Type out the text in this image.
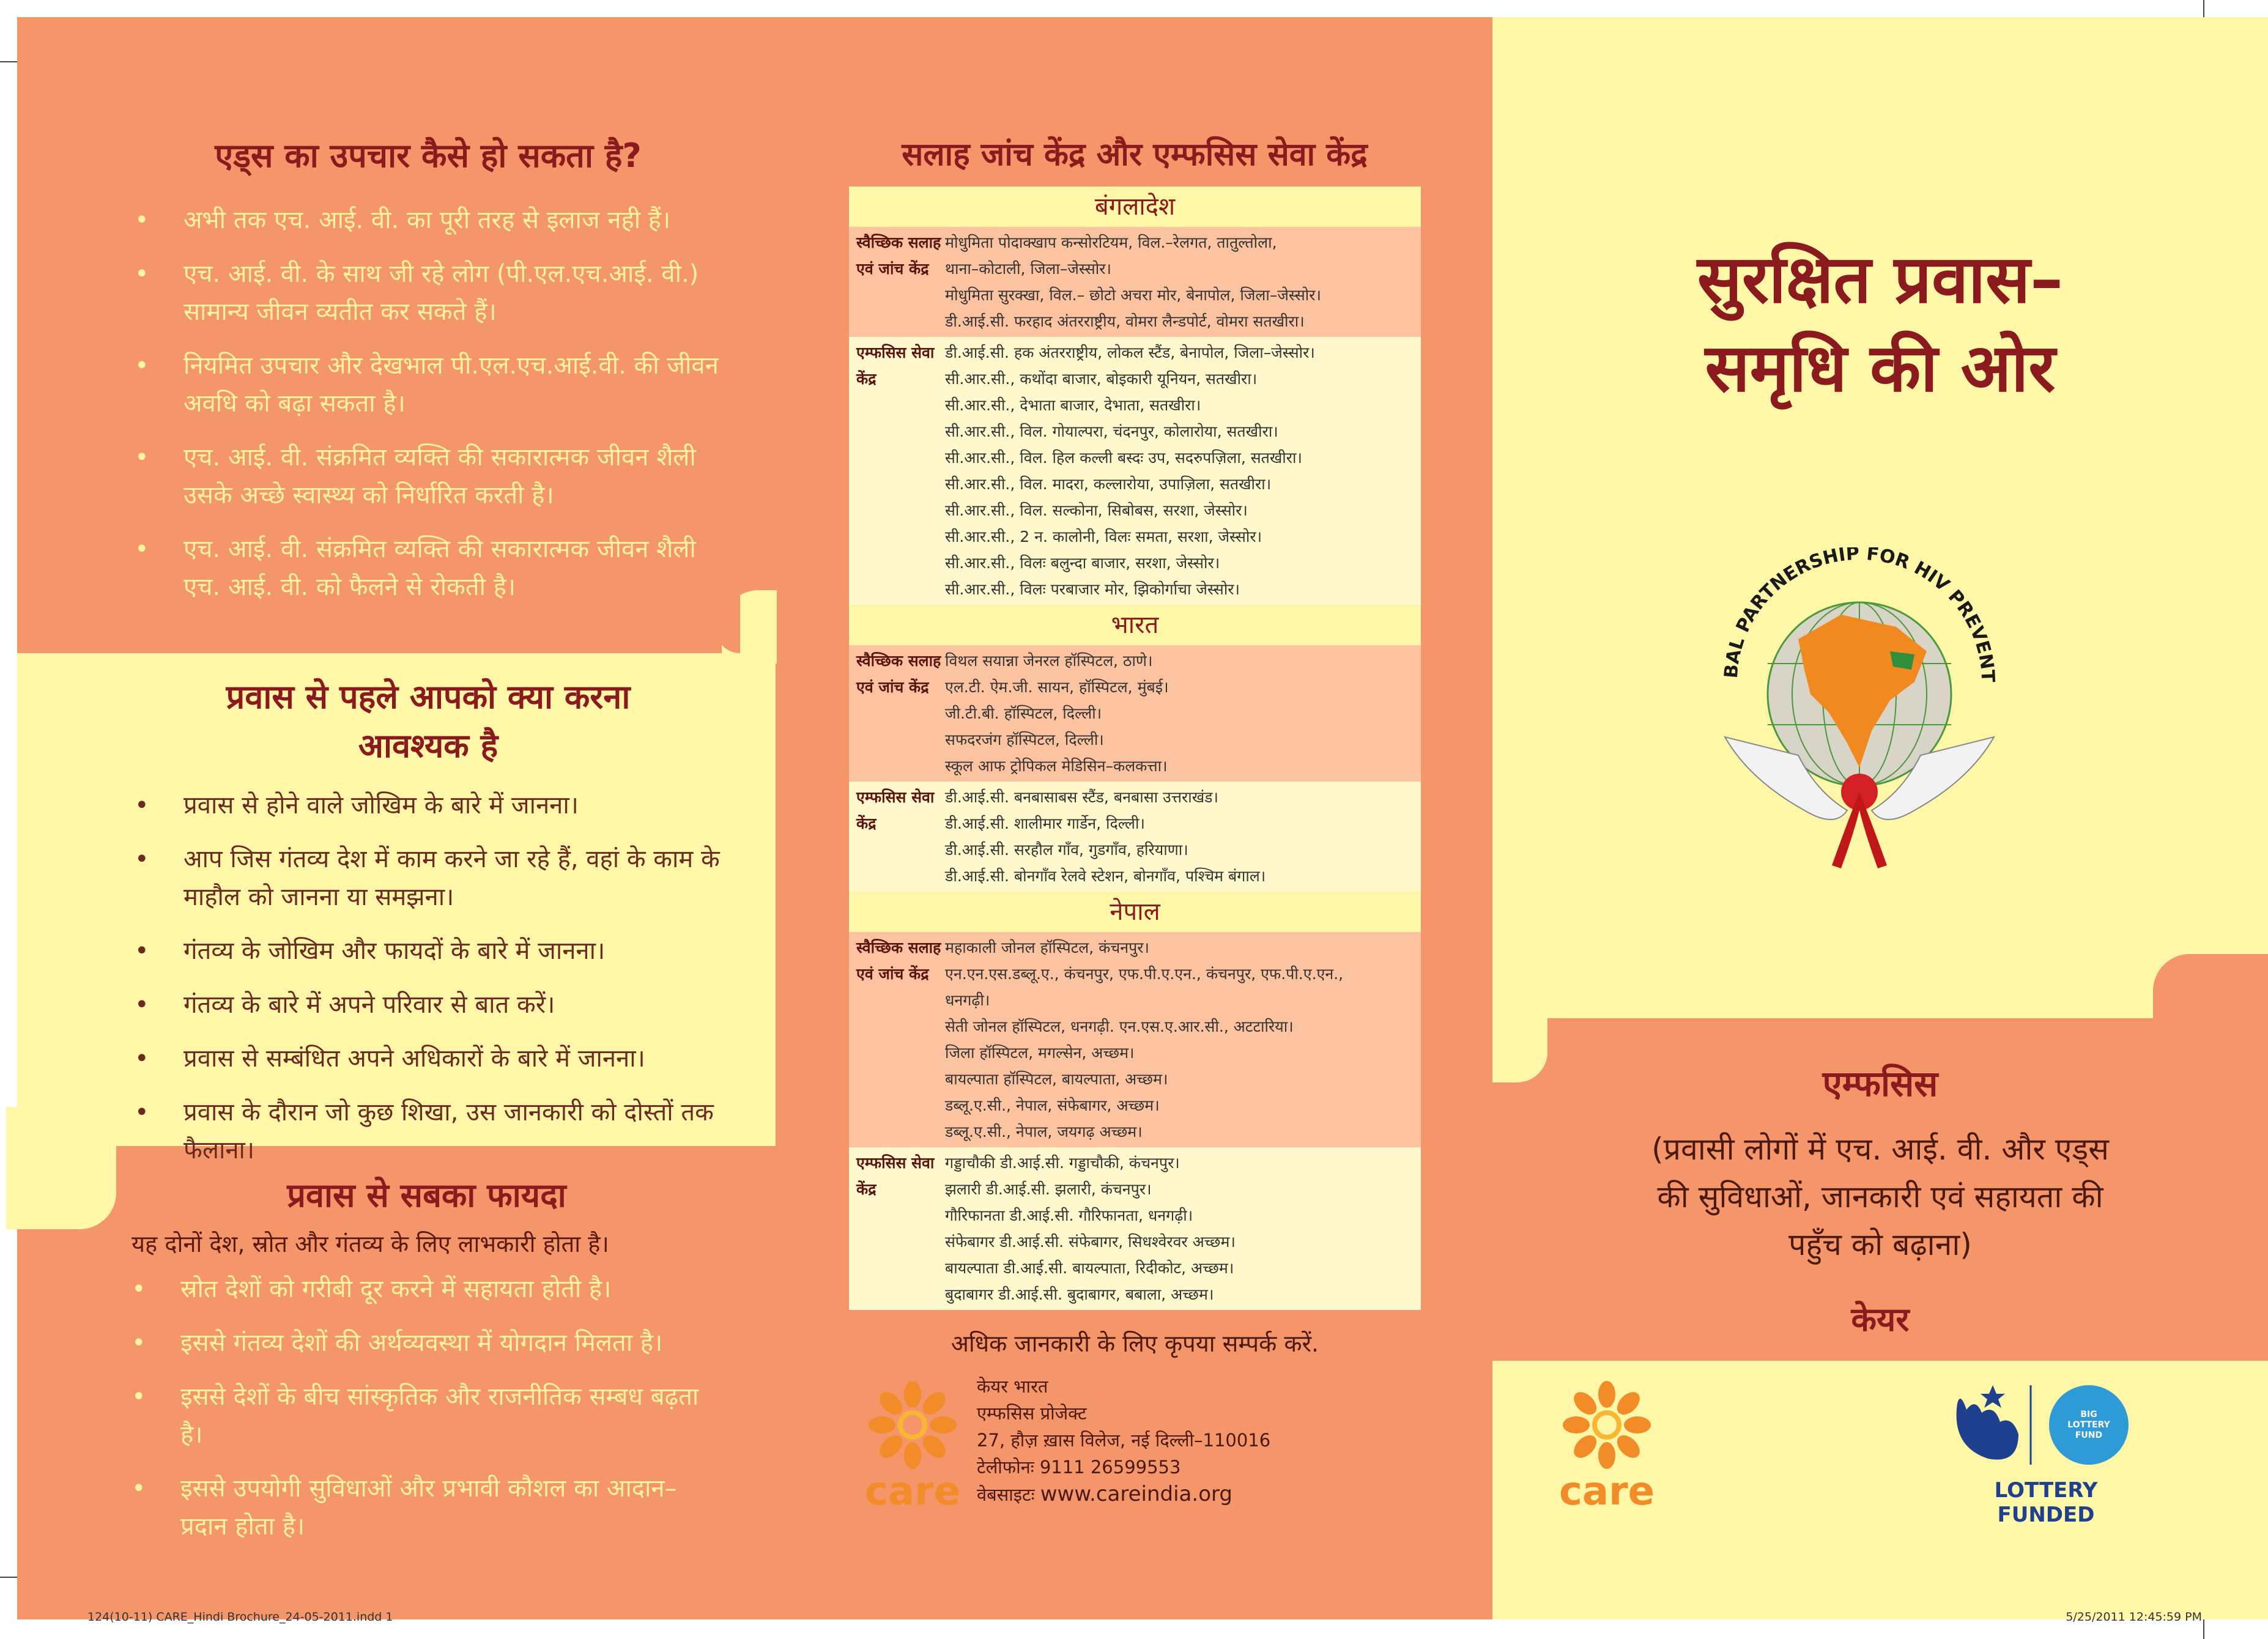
एड्स का उपचार कैसे हो सकता है?
• अभी तक एच. आई. वी. का पूरी तरह से इलाज नही हैं।
• एच. आई. वी. के साथ जी रहे लोग (पी.एल.एच.आई. वी.) सामान्य जीवन व्यतीत कर सकते हैं।
• नियमित उपचार और देखभाल पी.एल.एच.आई.वी. की जीवन अवधि को बढ़ा सकता है।
• एच. आई. वी. संक्रमित व्यक्ति की सकारात्मक जीवन शैली उसके अच्छे स्वास्थ्य को निर्धारित करती है।
• एच. आई. वी. संक्रमित व्यक्ति की सकारात्मक जीवन शैली एच. आई. वी. को फैलने से रोकती है।
प्रवास से पहले आपको क्या करना
आवश्यक है
• प्रवास से होने वाले जोखिम के बारे में जानना।
• आप जिस गंतव्य देश में काम करने जा रहे हैं, वहां के काम के माहौल को जानना या समझना।
• गंतव्य के जोखिम और फायदों के बारे में जानना।
• गंतव्य के बारे में अपने परिवार से बात करें।
• प्रवास से सम्बंधित अपने अधिकारों के बारे में जानना।
• प्रवास के दौरान जो कुछ शिखा, उस जानकारी को दोस्तों तक फैलाना।
प्रवास से सबका फायदा
यह दोनों देश, स्रोत और गंतव्य के लिए लाभकारी होता है।
• स्रोत देशों को गरीबी दूर करने में सहायता होती है।
• इससे गंतव्य देशों की अर्थव्यवस्था में योगदान मिलता है।
• इससे देशों के बीच सांस्कृतिक और राजनीतिक सम्बध बढ़ता है।
• इससे उपयोगी सुविधाओं और प्रभावी कौशल का आदान–प्रदान होता है।
सलाह जांच केंद्र और एम्फसिस सेवा केंद्र
बंगलादेश
स्वैच्छिक सलाह एवं जांच केंद्र
मोधुमिता पोदाक्खाप कन्सोरटियम, विल.–रेलगत, तातुल्तोला,
थाना–कोटाली, जिला–जेस्सोर।
मोधुमिता सुरक्खा, विल.– छोटो अचरा मोर, बेनापोल, जिला–जेस्सोर।
डी.आई.सी. फरहाद अंतरराष्ट्रीय, वोमरा लैन्डपोर्ट, वोमरा सतखीरा।
एम्फसिस सेवा केंद्र
डी.आई.सी. हक अंतरराष्ट्रीय, लोकल स्टैंड, बेनापोल, जिला–जेस्सोर।
सी.आर.सी., कथोंदा बाजार, बोइकारी यूनियन, सतखीरा।
सी.आर.सी., देभाता बाजार, देभाता, सतखीरा।
सी.आर.सी., विल. गोयाल्परा, चंदनपुर, कोलारोया, सतखीरा।
सी.आर.सी., विल. हिल कल्ली बस्दः उप, सदरुपज़िला, सतखीरा।
सी.आर.सी., विल. मादरा, कल्लारोया, उपाज़िला, सतखीरा।
सी.आर.सी., विल. सल्कोना, सिबोबस, सरशा, जेस्सोर।
सी.आर.सी., 2 न. कालोनी, विलः समता, सरशा, जेस्सोर।
सी.आर.सी., विलः बलुन्दा बाजार, सरशा, जेस्सोर।
सी.आर.सी., विलः परबाजार मोर, झिकोर्गाचा जेस्सोर।
भारत
स्वैच्छिक सलाह एवं जांच केंद्र
विथल सयान्ना जेनरल हॉस्पिटल, ठाणे।
एल.टी. ऐम.जी. सायन, हॉस्पिटल, मुंबई।
जी.टी.बी. हॉस्पिटल, दिल्ली।
सफदरजंग हॉस्पिटल, दिल्ली।
स्कूल आफ ट्रोपिकल मेडिसिन–कलकत्ता।
एम्फसिस सेवा केंद्र
डी.आई.सी. बनबासाबस स्टैंड, बनबासा उत्तराखंड।
डी.आई.सी. शालीमार गार्डेन, दिल्ली।
डी.आई.सी. सरहौल गाँव, गुडगाँव, हरियाणा।
डी.आई.सी. बोनगाँव रेलवे स्टेशन, बोनगाँव, पश्चिम बंगाल।
नेपाल
स्वैच्छिक सलाह एवं जांच केंद्र
महाकाली जोनल हॉस्पिटल, कंचनपुर।
एन.एन.एस.डब्लू.ए., कंचनपुर, एफ.पी.ए.एन., कंचनपुर, एफ.पी.ए.एन.,
धनगढ़ी।
सेती जोनल हॉस्पिटल, धनगढ़ी. एन.एस.ए.आर.सी., अटटारिया।
जिला हॉस्पिटल, मगल्सेन, अच्छम।
बायल्पाता हॉस्पिटल, बायल्पाता, अच्छम।
डब्लू.ए.सी., नेपाल, संफेबागर, अच्छम।
डब्लू.ए.सी., नेपाल, जयगढ़ अच्छम।
एम्फसिस सेवा केंद्र
गड्डाचौकी डी.आई.सी. गड्डाचौकी, कंचनपुर।
झलारी डी.आई.सी. झलारी, कंचनपुर।
गौरिफानता डी.आई.सी. गौरिफानता, धनगढ़ी।
संफेबागर डी.आई.सी. संफेबागर, सिधश्वेरवर अच्छम।
बायल्पाता डी.आई.सी. बायल्पाता, रिदीकोट, अच्छम।
बुदाबागर डी.आई.सी. बुदाबागर, बबाला, अच्छम।
अधिक जानकारी के लिए कृपया सम्पर्क करें.
care
केयर भारत
एम्फसिस प्रोजेक्ट
27, हौज़ ख़ास विलेज, नई दिल्ली–110016
टेलीफोनः 9111 26599553
वेबसाइटः www.careindia.org
सुरक्षित प्रवास–
समृधि की ओर
BAL PARTNERSHIP FOR HIV PREVENT
एम्फसिस
(प्रवासी लोगों में एच. आई. वी. और एड्स
की सुविधाओं, जानकारी एवं सहायता की
पहुँच को बढ़ाना)
केयर
care
BIG LOTTERY FUND
LOTTERY FUNDED
124(10-11) CARE_Hindi Brochure_24-05-2011.indd 1	5/25/2011 12:45:59 PM
